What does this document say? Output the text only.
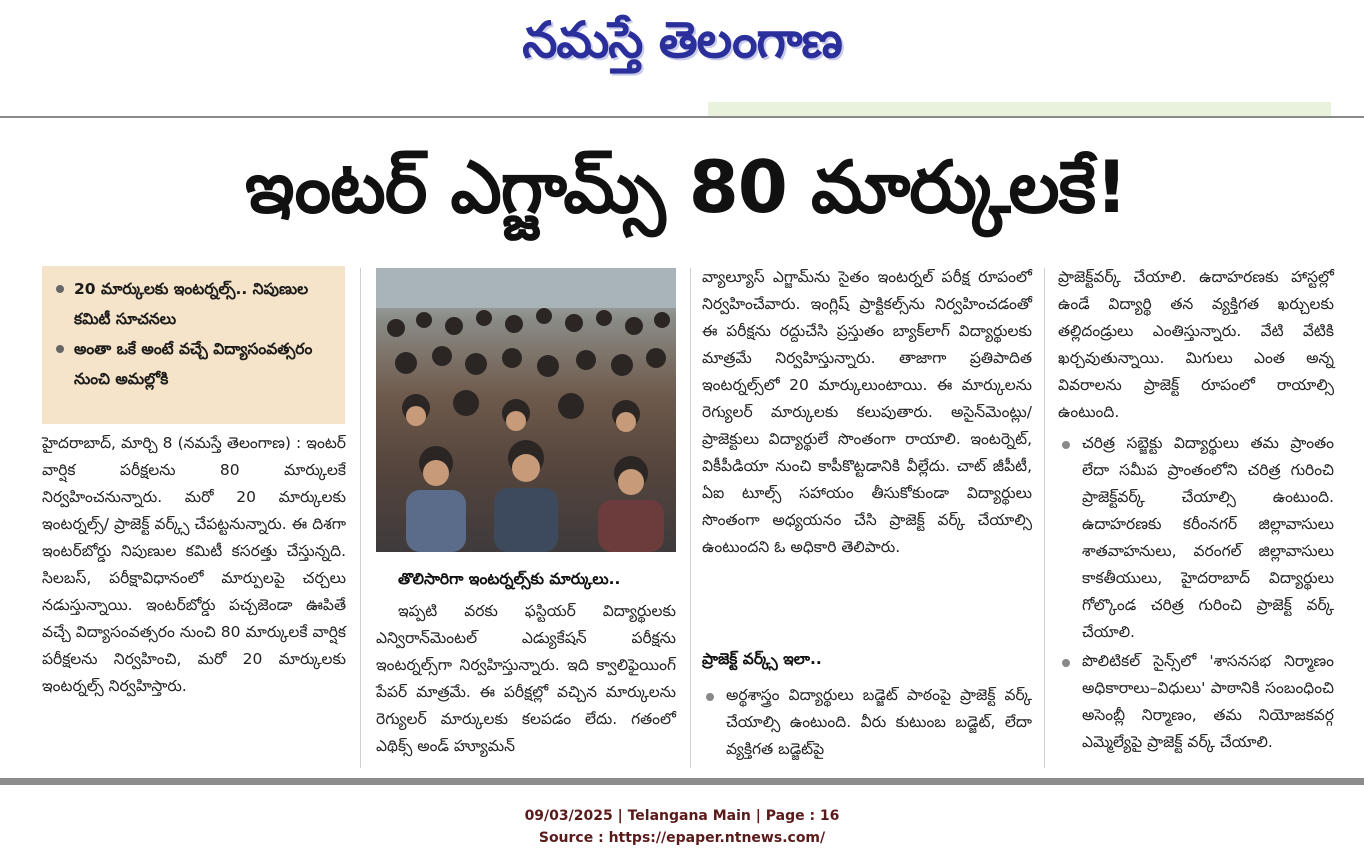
నమస్తే తెలంగాణ
ఇంటర్‌ ఎగ్జామ్స్‌ 80 మార్కులకే!
20 మార్కులకు ఇంటర్నల్స్‌.. నిపుణుల కమిటీ సూచనలు
అంతా ఒకే అంటే వచ్చే విద్యాసంవత్సరం నుంచి అమల్లోకి

హైదరాబాద్‌, మార్చి 8 (నమస్తే తెలంగాణ) : ఇంటర్‌ వార్షిక పరీక్షలను 80 మార్కులకే నిర్వహించనున్నారు. మరో 20 మార్కులకు ఇంటర్నల్స్‌/ ప్రాజెక్ట్‌ వర్క్స్‌ చేపట్టనున్నారు. ఈ దిశగా ఇంటర్‌బోర్డు నిపుణుల కమిటీ కసరత్తు చేస్తున్నది. సిలబస్‌, పరీక్షావిధానంలో మార్పులపై చర్చలు నడుస్తున్నాయి. ఇంటర్‌బోర్డు పచ్చజెండా ఊపితే వచ్చే విద్యాసంవత్సరం నుంచి 80 మార్కులకే వార్షిక పరీక్షలను నిర్వహించి, మరో 20 మార్కులకు ఇంటర్నల్స్‌ నిర్వహిస్తారు.

తొలిసారిగా ఇంటర్నల్స్‌కు మార్కులు..

ఇప్పటి వరకు ఫస్టియర్‌ విద్యార్థులకు ఎన్విరాన్‌మెంటల్‌ ఎడ్యుకేషన్‌ పరీక్షను ఇంటర్నల్స్‌గా నిర్వహిస్తున్నారు. ఇది క్వాలిఫైయింగ్‌ పేపర్‌ మాత్రమే. ఈ పరీక్షల్లో వచ్చిన మార్కులను రెగ్యులర్‌ మార్కులకు కలపడం లేదు. గతంలో ఎథిక్స్‌ అండ్‌ హ్యూమన్‌

వ్యాల్యూస్‌ ఎగ్జామ్‌ను సైతం ఇంటర్నల్‌ పరీక్ష రూపంలో నిర్వహించేవారు. ఇంగ్లిష్‌ ప్రాక్టికల్స్‌ను నిర్వహించడంతో ఈ పరీక్షను రద్దుచేసి ప్రస్తుతం బ్యాక్‌లాగ్‌ విద్యార్థులకు మాత్రమే నిర్వహిస్తున్నారు. తాజాగా ప్రతిపాదిత ఇంటర్నల్స్‌లో 20 మార్కులుంటాయి. ఈ మార్కులను రెగ్యులర్‌ మార్కులకు కలుపుతారు. అసైన్‌మెంట్లు/ప్రాజెక్టులు విద్యార్థులే సొంతంగా రాయాలి. ఇంటర్నెట్‌, వికీపీడియా నుంచి కాపీకొట్టడానికి వీల్లేదు. చాట్‌ జీపీటీ, ఏఐ టూల్స్‌ సహాయం తీసుకోకుండా విద్యార్థులు సొంతంగా అధ్యయనం చేసి ప్రాజెక్ట్‌ వర్క్‌ చేయాల్సి ఉంటుందని ఓ అధికారి తెలిపారు.

ప్రాజెక్ట్‌ వర్క్స్‌ ఇలా..

అర్థశాస్త్రం విద్యార్థులు బడ్జెట్‌ పాఠంపై ప్రాజెక్ట్‌ వర్క్‌ చేయాల్సి ఉంటుంది. వీరు కుటుంబ బడ్జెట్‌, లేదా వ్యక్తిగత బడ్జెట్‌పై

ప్రాజెక్ట్‌వర్క్‌ చేయాలి. ఉదాహరణకు హాస్టల్లో ఉండే విద్యార్థి తన వ్యక్తిగత ఖర్చులకు తల్లిదండ్రులు ఎంతిస్తున్నారు. వేటి వేటికి ఖర్చవుతున్నాయి. మిగులు ఎంత అన్న వివరాలను ప్రాజెక్ట్‌ రూపంలో రాయాల్సి ఉంటుంది.

చరిత్ర సబ్జెక్టు విద్యార్థులు తమ ప్రాంతం లేదా సమీప ప్రాంతంలోని చరిత్ర గురించి ప్రాజెక్ట్‌వర్క్‌ చేయాల్సి ఉంటుంది. ఉదాహరణకు కరీంనగర్‌ జిల్లావాసులు శాతవాహనులు, వరంగల్‌ జిల్లావాసులు కాకతీయులు, హైదరాబాద్‌ విద్యార్థులు గోల్కొండ చరిత్ర గురించి ప్రాజెక్ట్‌ వర్క్‌ చేయాలి.

పొలిటికల్‌ సైన్స్‌లో 'శాసనసభ నిర్మాణం అధికారాలు–విధులు' పాఠానికి సంబంధించి అసెంబ్లీ నిర్మాణం, తమ నియోజకవర్గ ఎమ్మెల్యేపై ప్రాజెక్ట్‌ వర్క్‌ చేయాలి.

09/03/2025 | Telangana Main | Page : 16
Source : https://epaper.ntnews.com/
